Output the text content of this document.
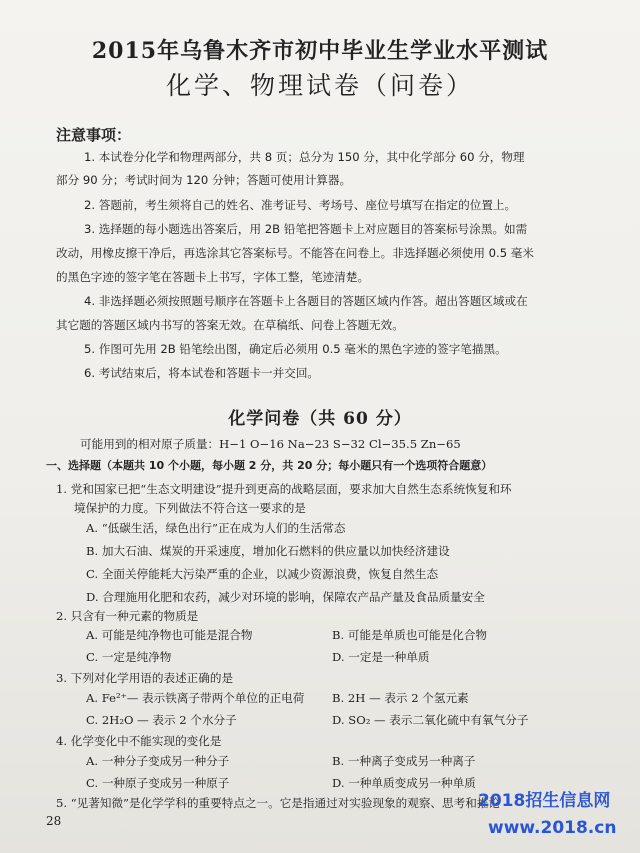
2015年乌鲁木齐市初中毕业生学业水平测试
化学、物理试卷（问卷）
注意事项：
1. 本试卷分化学和物理两部分，共 8 页；总分为 150 分，其中化学部分 60 分，物理
部分 90 分；考试时间为 120 分钟；答题可使用计算器。
2. 答题前，考生须将自己的姓名、准考证号、考场号、座位号填写在指定的位置上。
3. 选择题的每小题选出答案后，用 2B 铅笔把答题卡上对应题目的答案标号涂黑。如需
改动，用橡皮擦干净后，再选涂其它答案标号。不能答在问卷上。非选择题必须使用 0.5 毫米
的黑色字迹的签字笔在答题卡上书写，字体工整，笔迹清楚。
4. 非选择题必须按照题号顺序在答题卡上各题目的答题区域内作答。超出答题区域或在
其它题的答题区域内书写的答案无效。在草稿纸、问卷上答题无效。
5. 作图可先用 2B 铅笔绘出图，确定后必须用 0.5 毫米的黑色字迹的签字笔描黑。
6. 考试结束后，将本试卷和答题卡一并交回。
化学问卷（共 60 分）
可能用到的相对原子质量：H−1 O−16 Na−23 S−32 Cl−35.5 Zn−65
一、选择题（本题共 10 个小题，每小题 2 分，共 20 分；每小题只有一个选项符合题意）
1. 党和国家已把“生态文明建设”提升到更高的战略层面，要求加大自然生态系统恢复和环
境保护的力度。下列做法不符合这一要求的是
A. “低碳生活，绿色出行”正在成为人们的生活常态
B. 加大石油、煤炭的开采速度，增加化石燃料的供应量以加快经济建设
C. 全面关停能耗大污染严重的企业，以减少资源浪费，恢复自然生态
D. 合理施用化肥和农药，减少对环境的影响，保障农产品产量及食品质量安全
2. 只含有一种元素的物质是
A. 可能是纯净物也可能是混合物	B. 可能是单质也可能是化合物
C. 一定是纯净物	D. 一定是一种单质
3. 下列对化学用语的表述正确的是
A. Fe²⁺— 表示铁离子带两个单位的正电荷 B. 2H — 表示 2 个氢元素
C. 2H₂O — 表示 2 个水分子	D. SO₂ — 表示二氧化硫中有氧气分子
4. 化学变化中不能实现的变化是
A. 一种分子变成另一种分子	B. 一种离子变成另一种离子
C. 一种原子变成另一种原子	D. 一种单质变成另一种单质
5. “见著知微”是化学学科的重要特点之一。它是指通过对实验现象的观察、思考和推论
28
2018招生信息网
www.2018.cn
